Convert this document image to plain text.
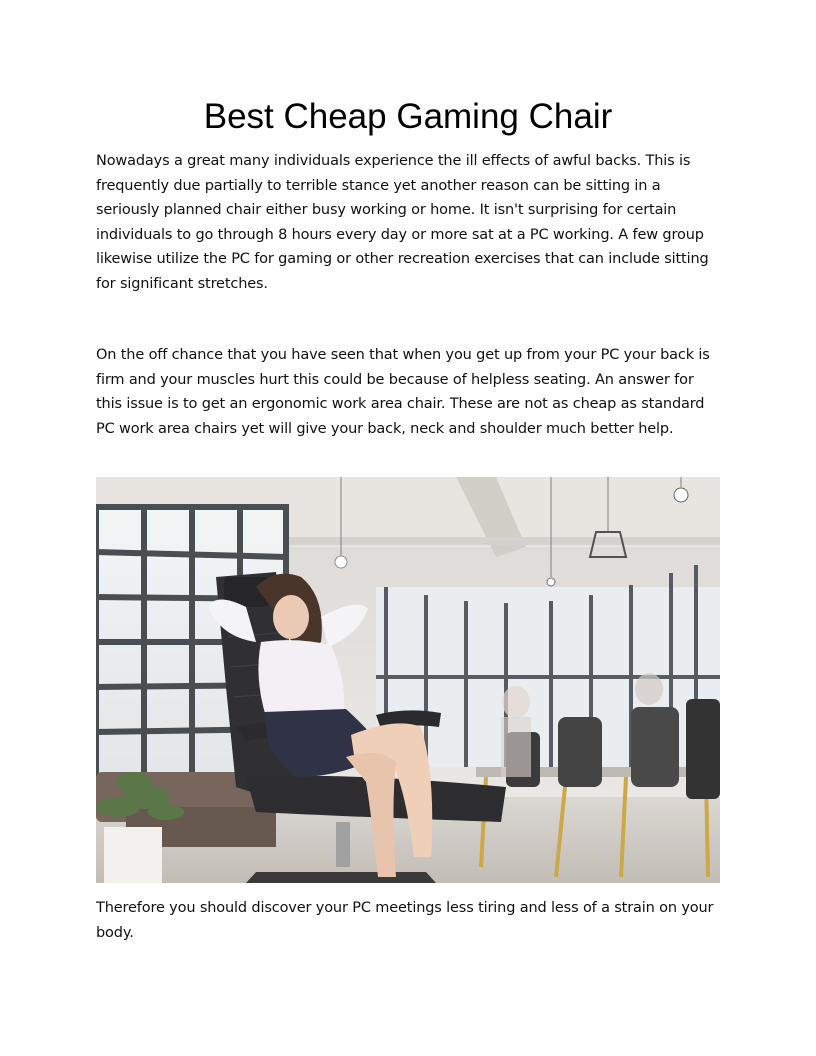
Best Cheap Gaming Chair

Nowadays a great many individuals experience the ill effects of awful backs. This is frequently due partially to terrible stance yet another reason can be sitting in a seriously planned chair either busy working or home. It isn't surprising for certain individuals to go through 8 hours every day or more sat at a PC working. A few group likewise utilize the PC for gaming or other recreation exercises that can include sitting for significant stretches.

On the off chance that you have seen that when you get up from your PC your back is firm and your muscles hurt this could be because of helpless seating. An answer for this issue is to get an ergonomic work area chair. These are not as cheap as standard PC work area chairs yet will give your back, neck and shoulder much better help.

Therefore you should discover your PC meetings less tiring and less of a strain on your body.
